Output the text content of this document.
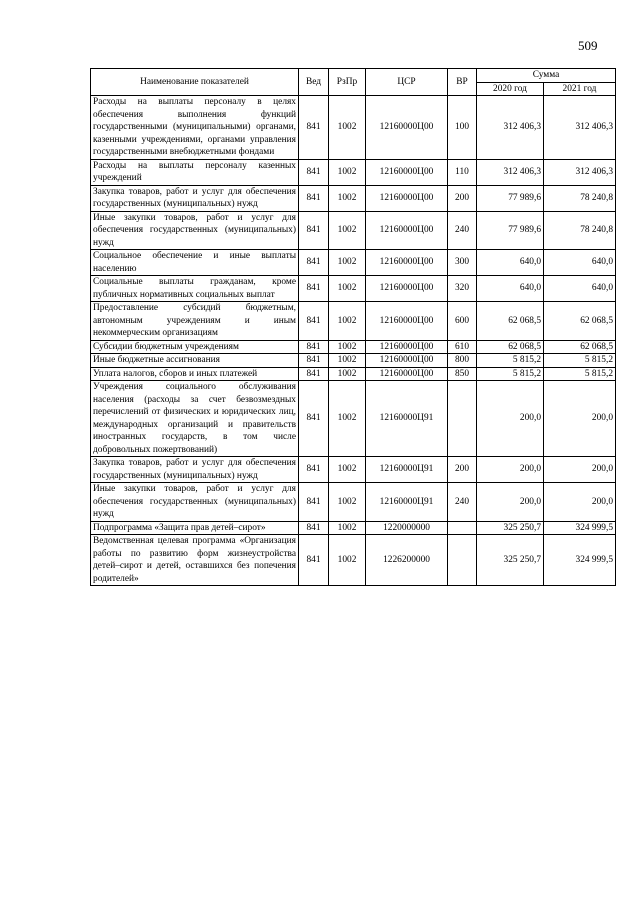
509
Наименование показателей	Вед	РзПр	ЦСР	ВР	Сумма	
					2020 год	2021 год
Расходы на выплаты персоналу в целях обеспечения выполнения функций государственными (муниципальными) органами, казенными учреждениями, органами управления государственными внебюджетными фондами	841	1002	12160000Ц00	100	312 406,3	312 406,3
Расходы на выплаты персоналу казенных учреждений	841	1002	12160000Ц00	110	312 406,3	312 406,3
Закупка товаров, работ и услуг для обеспечения государственных (муниципальных) нужд	841	1002	12160000Ц00	200	77 989,6	78 240,8
Иные закупки товаров, работ и услуг для обеспечения государственных (муниципальных) нужд	841	1002	12160000Ц00	240	77 989,6	78 240,8
Социальное обеспечение и иные выплаты населению	841	1002	12160000Ц00	300	640,0	640,0
Социальные выплаты гражданам, кроме публичных нормативных социальных выплат	841	1002	12160000Ц00	320	640,0	640,0
Предоставление субсидий бюджетным, автономным учреждениям и иным некоммерческим организациям	841	1002	12160000Ц00	600	62 068,5	62 068,5
Субсидии бюджетным учреждениям	841	1002	12160000Ц00	610	62 068,5	62 068,5
Иные бюджетные ассигнования	841	1002	12160000Ц00	800	5 815,2	5 815,2
Уплата налогов, сборов и иных платежей	841	1002	12160000Ц00	850	5 815,2	5 815,2
Учреждения социального обслуживания населения (расходы за счет безвозмездных перечислений от физических и юридических лиц, международных организаций и правительств иностранных государств, в том числе добровольных пожертвований)	841	1002	12160000Ц91		200,0	200,0
Закупка товаров, работ и услуг для обеспечения государственных (муниципальных) нужд	841	1002	12160000Ц91	200	200,0	200,0
Иные закупки товаров, работ и услуг для обеспечения государственных (муниципальных) нужд	841	1002	12160000Ц91	240	200,0	200,0
Подпрограмма «Защита прав детей–сирот»	841	1002	1220000000		325 250,7	324 999,5
Ведомственная целевая программа «Организация работы по развитию форм жизнеустройства детей–сирот и детей, оставшихся без попечения родителей»	841	1002	1226200000		325 250,7	324 999,5
